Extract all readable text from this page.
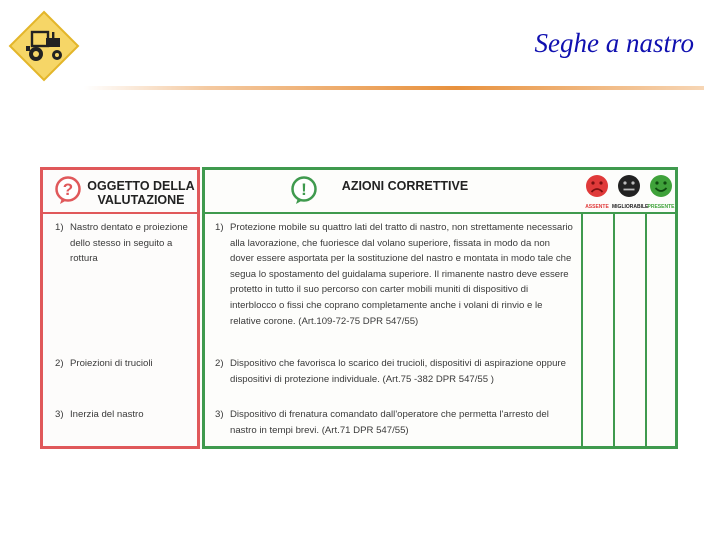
Seghe a nastro
? OGGETTO DELLA VALUTAZIONE
1) Nastro dentato e proiezione dello stesso in seguito a rottura
2) Proiezioni di trucioli
3) Inerzia del nastro
!	AZIONI CORRETTIVE
ASSENTE MIGLIORABILE PRESENTE
1) Protezione mobile su quattro lati del tratto di nastro, non strettamente necessario alla lavorazione, che fuoriesce dal volano superiore, fissata in modo da non dover essere asportata per la sostituzione del nastro e montata in modo tale che segua lo spostamento del guidalama superiore. Il rimanente nastro deve essere protetto in tutto il suo percorso con carter mobili muniti di dispositivo di interblocco o fissi che coprano completamente anche i volani di rinvio e le relative corone. (Art.109-72-75 DPR 547/55)
2) Dispositivo che favorisca lo scarico dei trucioli, dispositivi di aspirazione oppure dispositivi di protezione individuale. (Art.75 -382 DPR 547/55 )
3) Dispositivo di frenatura comandato dall'operatore che permetta l'arresto del nastro in tempi brevi. (Art.71 DPR 547/55)
